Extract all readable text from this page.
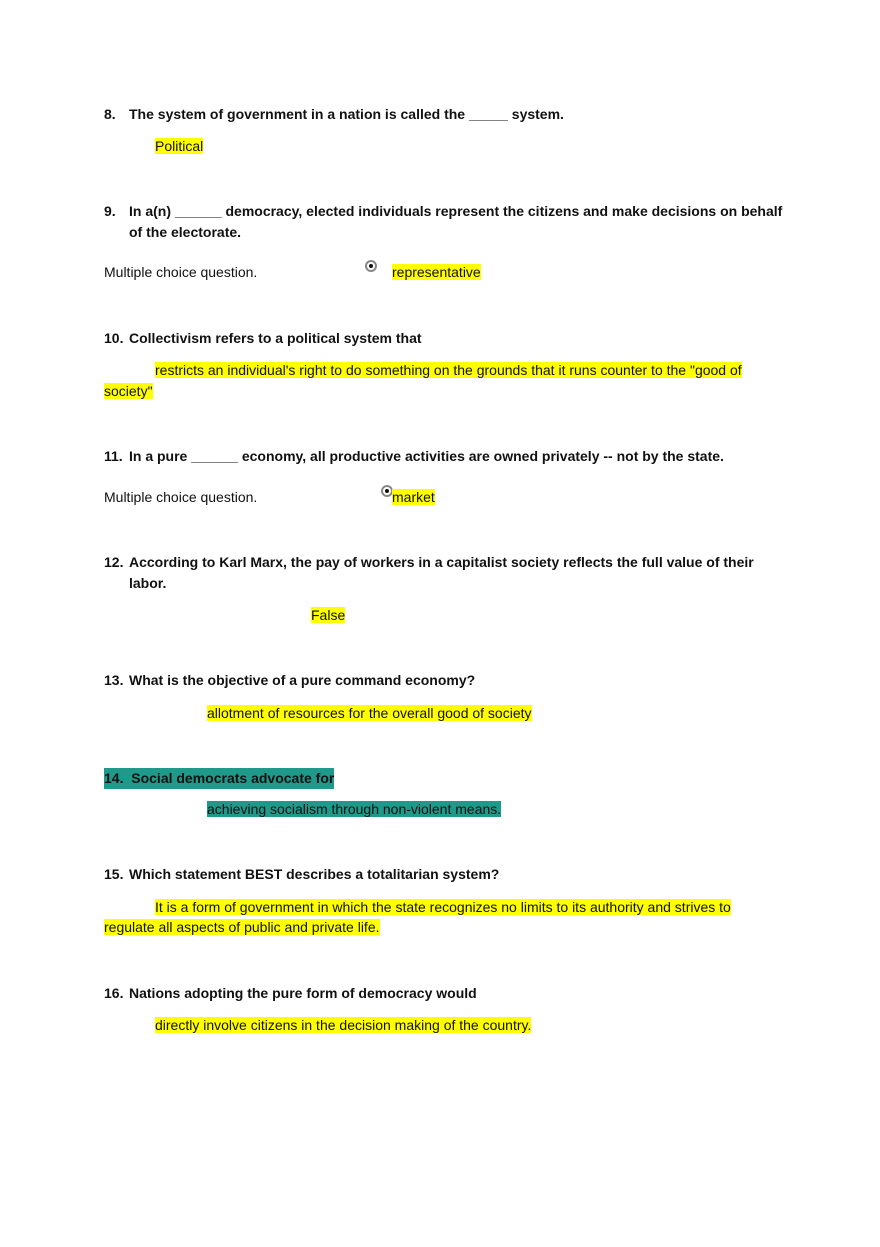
8. The system of government in a nation is called the _____ system.
Political
9. In a(n) ______ democracy, elected individuals represent the citizens and make decisions on behalf of the electorate.
Multiple choice question.
	representative
10. Collectivism refers to a political system that
restricts an individual's right to do something on the grounds that it runs counter to the "good of
society"
11. In a pure ______ economy, all productive activities are owned privately -- not by the state.
Multiple choice question.	market
12. According to Karl Marx, the pay of workers in a capitalist society reflects the full value of their labor.
False
13. What is the objective of a pure command economy?
allotment of resources for the overall good of society
14. Social democrats advocate for
achieving socialism through non-violent means.
15. Which statement BEST describes a totalitarian system?
It is a form of government in which the state recognizes no limits to its authority and strives to
regulate all aspects of public and private life.
16. Nations adopting the pure form of democracy would
directly involve citizens in the decision making of the country.
